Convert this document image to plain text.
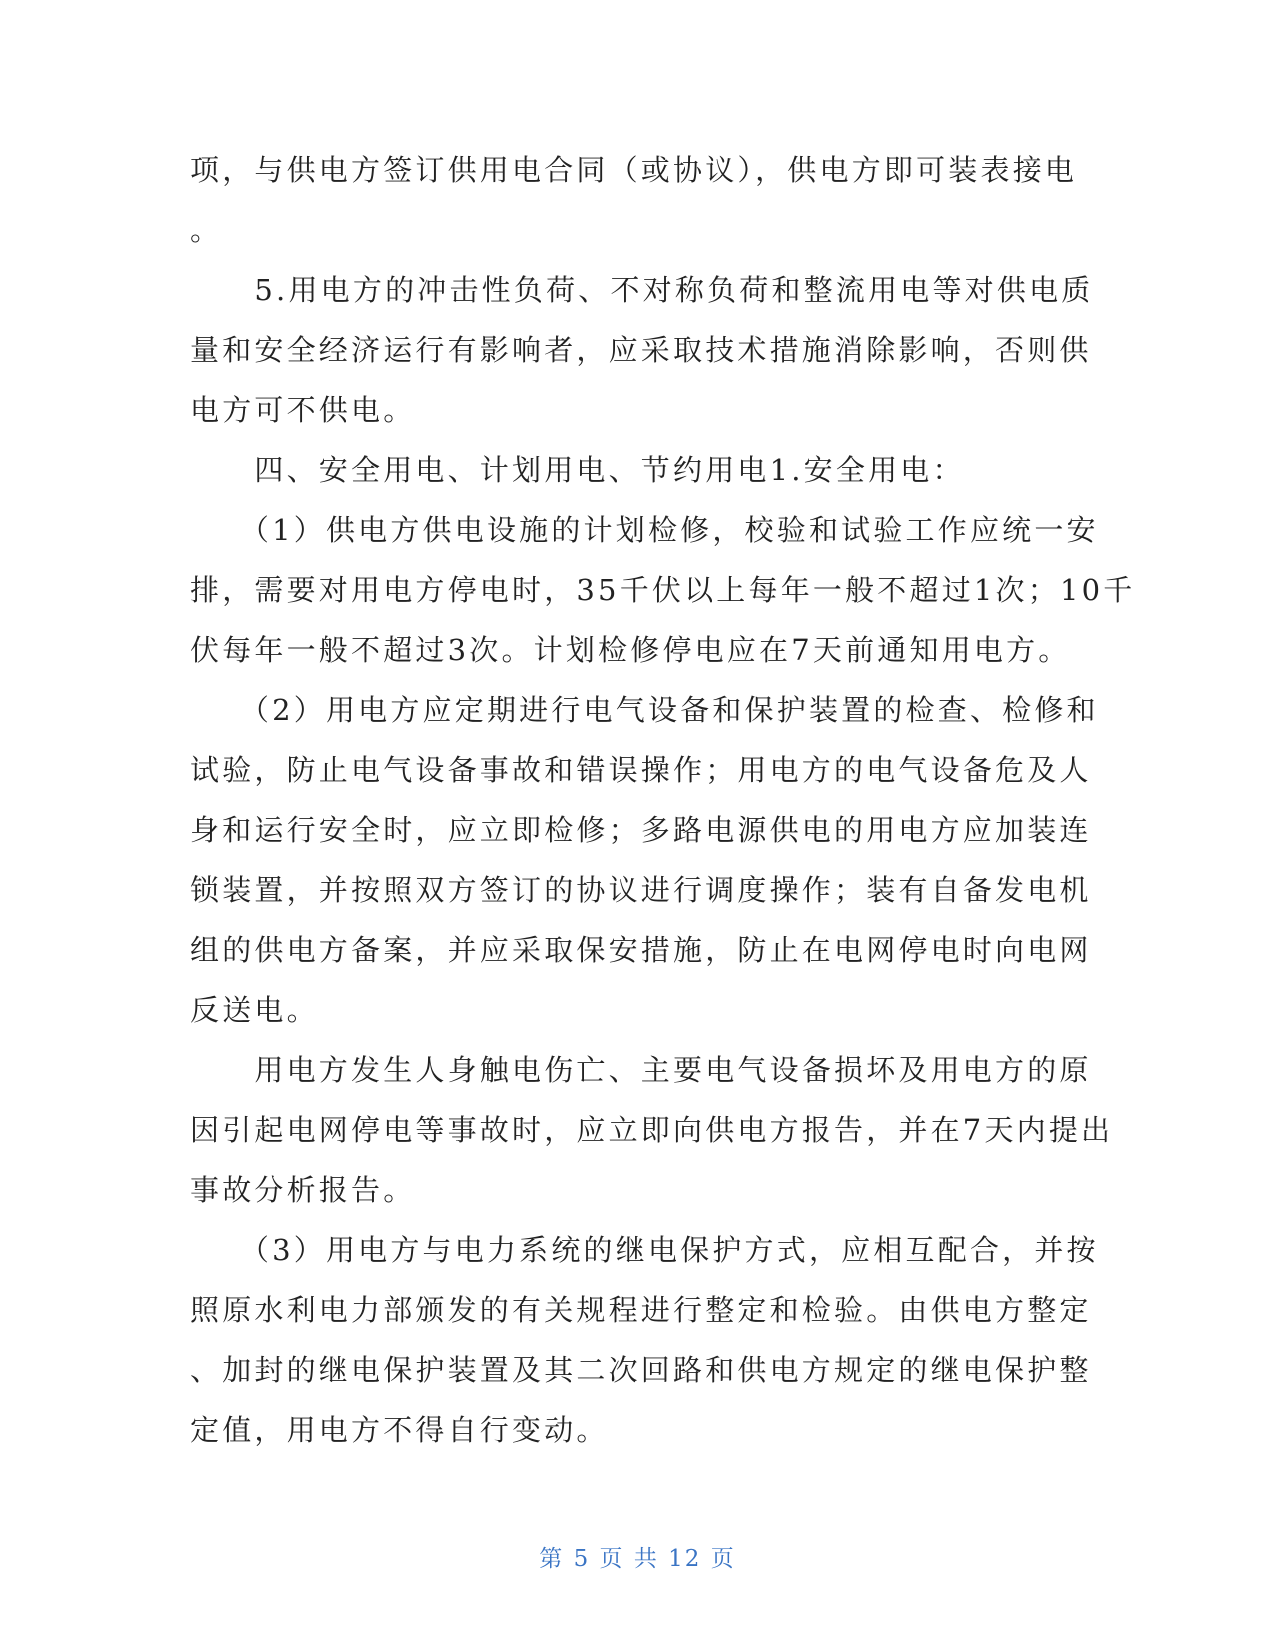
项，与供电方签订供用电合同（或协议），供电方即可装表接电
。
　　5.用电方的冲击性负荷、不对称负荷和整流用电等对供电质
量和安全经济运行有影响者，应采取技术措施消除影响，否则供
电方可不供电。
　　四、安全用电、计划用电、节约用电1.安全用电：
　　（1）供电方供电设施的计划检修，校验和试验工作应统一安
排，需要对用电方停电时，35千伏以上每年一般不超过1次；10千
伏每年一般不超过3次。计划检修停电应在7天前通知用电方。
　　（2）用电方应定期进行电气设备和保护装置的检查、检修和
试验，防止电气设备事故和错误操作；用电方的电气设备危及人
身和运行安全时，应立即检修；多路电源供电的用电方应加装连
锁装置，并按照双方签订的协议进行调度操作；装有自备发电机
组的供电方备案，并应采取保安措施，防止在电网停电时向电网
反送电。
　　用电方发生人身触电伤亡、主要电气设备损坏及用电方的原
因引起电网停电等事故时，应立即向供电方报告，并在7天内提出
事故分析报告。
　　（3）用电方与电力系统的继电保护方式，应相互配合，并按
照原水利电力部颁发的有关规程进行整定和检验。由供电方整定
、加封的继电保护装置及其二次回路和供电方规定的继电保护整
定值，用电方不得自行变动。
第 5 页 共 12 页
